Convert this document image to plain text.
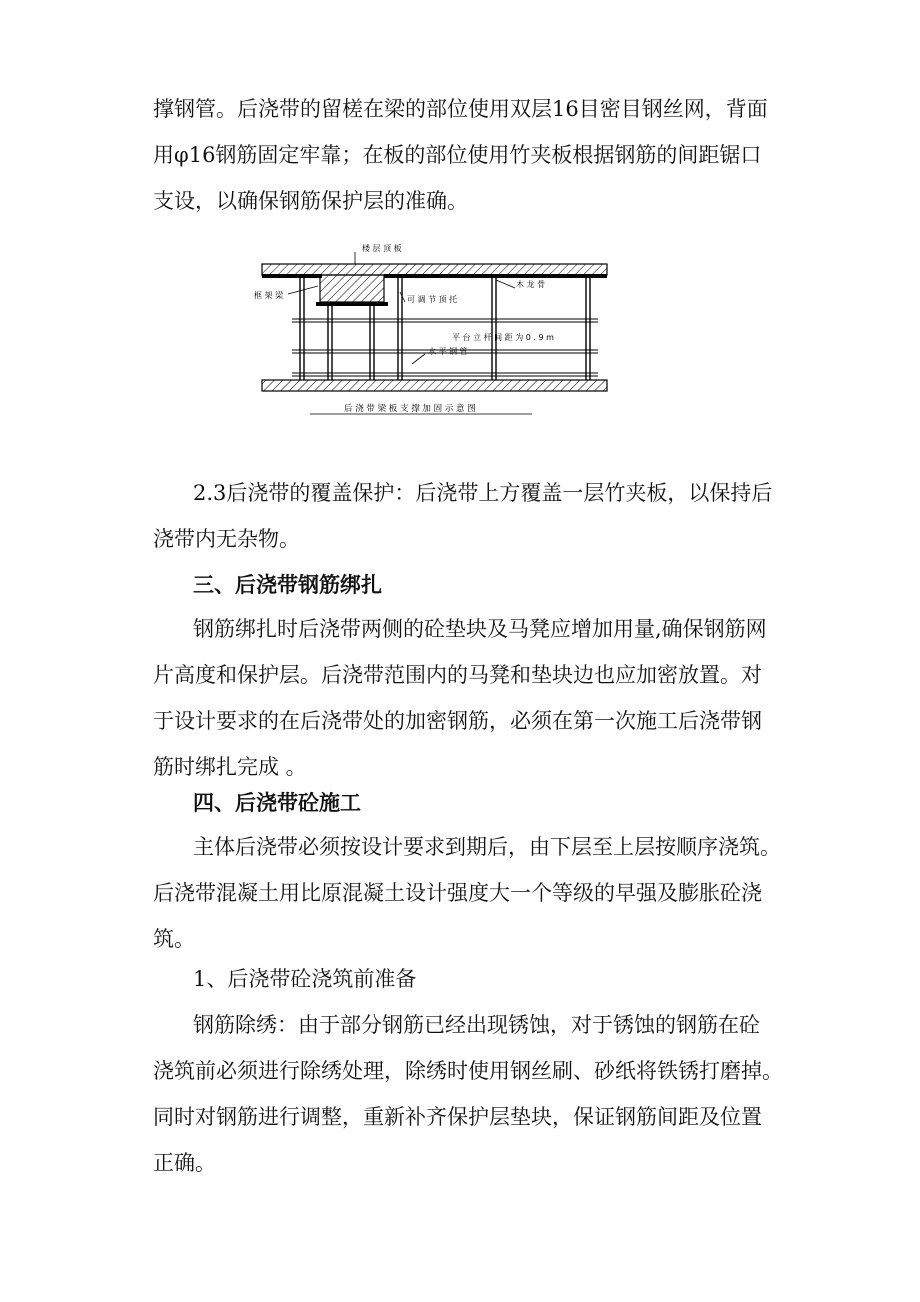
撑钢管。后浇带的留槎在梁的部位使用双层16目密目钢丝网，背面
用φ16钢筋固定牢靠；在板的部位使用竹夹板根据钢筋的间距锯口
支设，以确保钢筋保护层的准确。
楼 层 顶 板
框 架 梁
木 龙 骨
可 调 节 顶 托
平 台 立 杆 间 距 为 0 . 9 m
水 平 钢 管
后 浇 带 梁 板 支 撑 加 固 示 意 图
2.3后浇带的覆盖保护：后浇带上方覆盖一层竹夹板，以保持后
浇带内无杂物。
三、后浇带钢筋绑扎
钢筋绑扎时后浇带两侧的砼垫块及马凳应增加用量,确保钢筋网
片高度和保护层。后浇带范围内的马凳和垫块边也应加密放置。对
于设计要求的在后浇带处的加密钢筋，必须在第一次施工后浇带钢
筋时绑扎完成 。
四、后浇带砼施工
主体后浇带必须按设计要求到期后，由下层至上层按顺序浇筑。
后浇带混凝土用比原混凝土设计强度大一个等级的早强及膨胀砼浇
筑。
1、后浇带砼浇筑前准备
钢筋除绣：由于部分钢筋已经出现锈蚀，对于锈蚀的钢筋在砼
浇筑前必须进行除绣处理，除绣时使用钢丝刷、砂纸将铁锈打磨掉。
同时对钢筋进行调整，重新补齐保护层垫块，保证钢筋间距及位置
正确。
